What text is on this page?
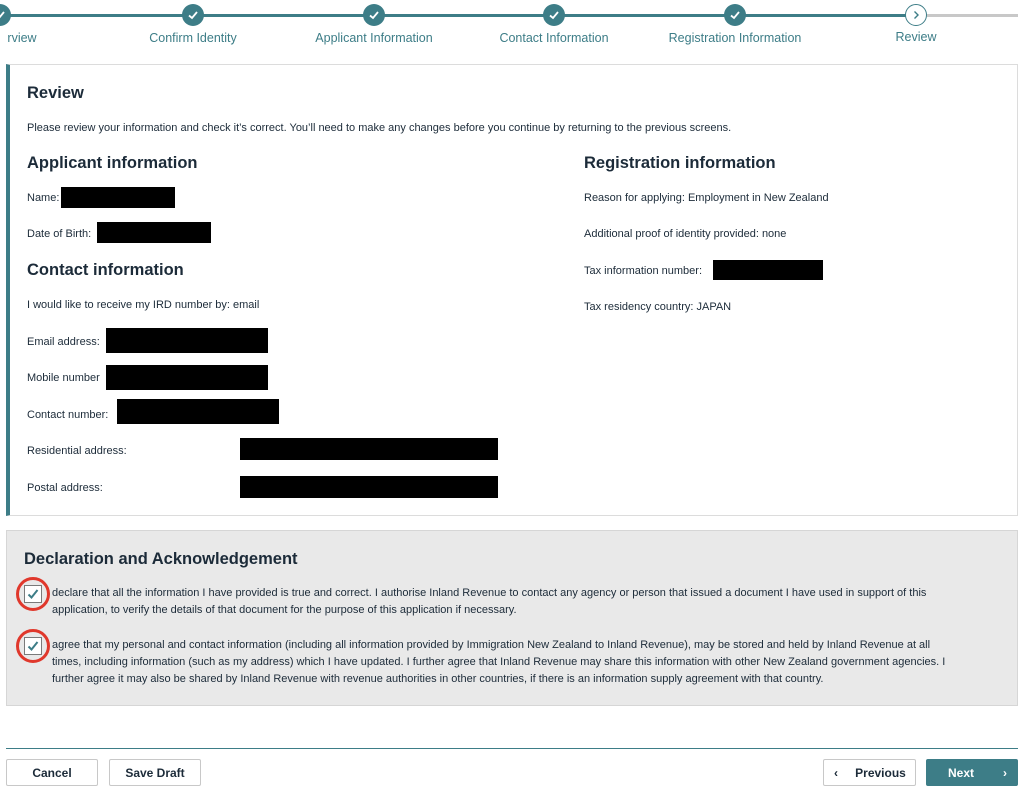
rview	Confirm Identity	Applicant Information	Contact Information	Registration Information	Review
Review

Please review your information and check it’s correct. You’ll need to make any changes before you continue by returning to the previous screens.

Applicant information
Name:
Date of Birth:
Contact information
I would like to receive my IRD number by: email
Email address:
Mobile number
Contact number:
Residential address:
Postal address:
Registration information
Reason for applying: Employment in New Zealand
Additional proof of identity provided: none
Tax information number:
Tax residency country: JAPAN
Declaration and Acknowledgement
declare that all the information I have provided is true and correct. I authorise Inland Revenue to contact any agency or person that issued a document I have used in support of this
application, to verify the details of that document for the purpose of this application if necessary.
agree that my personal and contact information (including all information provided by Immigration New Zealand to Inland Revenue), may be stored and held by Inland Revenue at all
times, including information (such as my address) which I have updated. I further agree that Inland Revenue may share this information with other New Zealand government agencies. I
further agree it may also be shared by Inland Revenue with revenue authorities in other countries, if there is an information supply agreement with that country.
Cancel	Save Draft	‹ Previous	Next ›
